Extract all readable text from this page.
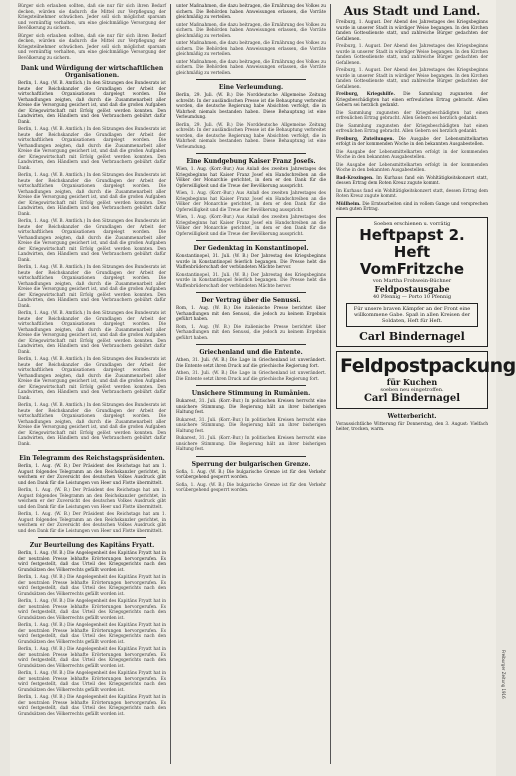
Bürger sich erlauben sollten, daß sie nur für sich ihren Bedarf decken, würden sie dadurch die Mittel zur Verpflegung der Kriegsteilnehmer schwächen. Jeder soll sich möglichst sparsam und vernünftig verhalten, um eine gleichmäßige Versorgung der Bevölkerung zu sichern.

Bürger sich erlauben sollten, daß sie nur für sich ihren Bedarf decken, würden sie dadurch die Mittel zur Verpflegung der Kriegsteilnehmer schwächen. Jeder soll sich möglichst sparsam und vernünftig verhalten, um eine gleichmäßige Versorgung der Bevölkerung zu sichern.

Dank und Würdigung der wirtschaftlichen Organisationen.

Berlin, 1. Aug. (W. B. Amtlich.) In den Sitzungen des Bundesrats ist heute der Reichskanzler die Grundlagen der Arbeit der wirtschaftlichen Organisationen dargelegt worden. Die Verhandlungen zeigten, daß durch die Zusammenarbeit aller Kreise die Versorgung gesichert ist, und daß die großen Aufgaben der Kriegswirtschaft mit Erfolg gelöst werden konnten. Den Landwirten, den Händlern und den Verbrauchern gebührt dafür Dank.

Berlin, 1. Aug. (W. B. Amtlich.) In den Sitzungen des Bundesrats ist heute der Reichskanzler die Grundlagen der Arbeit der wirtschaftlichen Organisationen dargelegt worden. Die Verhandlungen zeigten, daß durch die Zusammenarbeit aller Kreise die Versorgung gesichert ist, und daß die großen Aufgaben der Kriegswirtschaft mit Erfolg gelöst werden konnten. Den Landwirten, den Händlern und den Verbrauchern gebührt dafür Dank.

Berlin, 1. Aug. (W. B. Amtlich.) In den Sitzungen des Bundesrats ist heute der Reichskanzler die Grundlagen der Arbeit der wirtschaftlichen Organisationen dargelegt worden. Die Verhandlungen zeigten, daß durch die Zusammenarbeit aller Kreise die Versorgung gesichert ist, und daß die großen Aufgaben der Kriegswirtschaft mit Erfolg gelöst werden konnten. Den Landwirten, den Händlern und den Verbrauchern gebührt dafür Dank.

Berlin, 1. Aug. (W. B. Amtlich.) In den Sitzungen des Bundesrats ist heute der Reichskanzler die Grundlagen der Arbeit der wirtschaftlichen Organisationen dargelegt worden. Die Verhandlungen zeigten, daß durch die Zusammenarbeit aller Kreise die Versorgung gesichert ist, und daß die großen Aufgaben der Kriegswirtschaft mit Erfolg gelöst werden konnten. Den Landwirten, den Händlern und den Verbrauchern gebührt dafür Dank.

Berlin, 1. Aug. (W. B. Amtlich.) In den Sitzungen des Bundesrats ist heute der Reichskanzler die Grundlagen der Arbeit der wirtschaftlichen Organisationen dargelegt worden. Die Verhandlungen zeigten, daß durch die Zusammenarbeit aller Kreise die Versorgung gesichert ist, und daß die großen Aufgaben der Kriegswirtschaft mit Erfolg gelöst werden konnten. Den Landwirten, den Händlern und den Verbrauchern gebührt dafür Dank.

Berlin, 1. Aug. (W. B. Amtlich.) In den Sitzungen des Bundesrats ist heute der Reichskanzler die Grundlagen der Arbeit der wirtschaftlichen Organisationen dargelegt worden. Die Verhandlungen zeigten, daß durch die Zusammenarbeit aller Kreise die Versorgung gesichert ist, und daß die großen Aufgaben der Kriegswirtschaft mit Erfolg gelöst werden konnten. Den Landwirten, den Händlern und den Verbrauchern gebührt dafür Dank.

Berlin, 1. Aug. (W. B. Amtlich.) In den Sitzungen des Bundesrats ist heute der Reichskanzler die Grundlagen der Arbeit der wirtschaftlichen Organisationen dargelegt worden. Die Verhandlungen zeigten, daß durch die Zusammenarbeit aller Kreise die Versorgung gesichert ist, und daß die großen Aufgaben der Kriegswirtschaft mit Erfolg gelöst werden konnten. Den Landwirten, den Händlern und den Verbrauchern gebührt dafür Dank.

Berlin, 1. Aug. (W. B. Amtlich.) In den Sitzungen des Bundesrats ist heute der Reichskanzler die Grundlagen der Arbeit der wirtschaftlichen Organisationen dargelegt worden. Die Verhandlungen zeigten, daß durch die Zusammenarbeit aller Kreise die Versorgung gesichert ist, und daß die großen Aufgaben der Kriegswirtschaft mit Erfolg gelöst werden konnten. Den Landwirten, den Händlern und den Verbrauchern gebührt dafür Dank.

Ein Telegramm des Reichstagspräsidenten.

Berlin, 1. Aug. (W. B.) Der Präsident des Reichstags hat am 1. August folgendes Telegramm an den Reichskanzler gerichtet, in welchem er der Zuversicht des deutschen Volkes Ausdruck gibt und den Dank für die Leistungen von Heer und Flotte übermittelt.

Berlin, 1. Aug. (W. B.) Der Präsident des Reichstags hat am 1. August folgendes Telegramm an den Reichskanzler gerichtet, in welchem er der Zuversicht des deutschen Volkes Ausdruck gibt und den Dank für die Leistungen von Heer und Flotte übermittelt.

Berlin, 1. Aug. (W. B.) Der Präsident des Reichstags hat am 1. August folgendes Telegramm an den Reichskanzler gerichtet, in welchem er der Zuversicht des deutschen Volkes Ausdruck gibt und den Dank für die Leistungen von Heer und Flotte übermittelt.

Zur Beurteilung des Kapitäns Fryatt.

Berlin, 1. Aug. (W. B.) Die Angelegenheit des Kapitäns Fryatt hat in der neutralen Presse lebhafte Erörterungen hervorgerufen. Es wird festgestellt, daß das Urteil des Kriegsgerichts nach den Grundsätzen des Völkerrechts gefällt worden ist.

Berlin, 1. Aug. (W. B.) Die Angelegenheit des Kapitäns Fryatt hat in der neutralen Presse lebhafte Erörterungen hervorgerufen. Es wird festgestellt, daß das Urteil des Kriegsgerichts nach den Grundsätzen des Völkerrechts gefällt worden ist.

Berlin, 1. Aug. (W. B.) Die Angelegenheit des Kapitäns Fryatt hat in der neutralen Presse lebhafte Erörterungen hervorgerufen. Es wird festgestellt, daß das Urteil des Kriegsgerichts nach den Grundsätzen des Völkerrechts gefällt worden ist.

Berlin, 1. Aug. (W. B.) Die Angelegenheit des Kapitäns Fryatt hat in der neutralen Presse lebhafte Erörterungen hervorgerufen. Es wird festgestellt, daß das Urteil des Kriegsgerichts nach den Grundsätzen des Völkerrechts gefällt worden ist.

Berlin, 1. Aug. (W. B.) Die Angelegenheit des Kapitäns Fryatt hat in der neutralen Presse lebhafte Erörterungen hervorgerufen. Es wird festgestellt, daß das Urteil des Kriegsgerichts nach den Grundsätzen des Völkerrechts gefällt worden ist.

Berlin, 1. Aug. (W. B.) Die Angelegenheit des Kapitäns Fryatt hat in der neutralen Presse lebhafte Erörterungen hervorgerufen. Es wird festgestellt, daß das Urteil des Kriegsgerichts nach den Grundsätzen des Völkerrechts gefällt worden ist.

Berlin, 1. Aug. (W. B.) Die Angelegenheit des Kapitäns Fryatt hat in der neutralen Presse lebhafte Erörterungen hervorgerufen. Es wird festgestellt, daß das Urteil des Kriegsgerichts nach den Grundsätzen des Völkerrechts gefällt worden ist.

unter Maßnahmen, die dazu beitragen, die Ernährung des Volkes zu sichern. Die Behörden haben Anweisungen erlassen, die Vorräte gleichmäßig zu verteilen.

unter Maßnahmen, die dazu beitragen, die Ernährung des Volkes zu sichern. Die Behörden haben Anweisungen erlassen, die Vorräte gleichmäßig zu verteilen.

unter Maßnahmen, die dazu beitragen, die Ernährung des Volkes zu sichern. Die Behörden haben Anweisungen erlassen, die Vorräte gleichmäßig zu verteilen.

unter Maßnahmen, die dazu beitragen, die Ernährung des Volkes zu sichern. Die Behörden haben Anweisungen erlassen, die Vorräte gleichmäßig zu verteilen.

Eine Verleumdung.

Berlin, 29. Juli. (W. B.) Die Norddeutsche Allgemeine Zeitung schreibt: In der ausländischen Presse ist die Behauptung verbreitet worden, die deutsche Regierung habe Absichten verfolgt, die in Wahrheit niemals bestanden haben. Diese Behauptung ist eine Verleumdung.

Berlin, 29. Juli. (W. B.) Die Norddeutsche Allgemeine Zeitung schreibt: In der ausländischen Presse ist die Behauptung verbreitet worden, die deutsche Regierung habe Absichten verfolgt, die in Wahrheit niemals bestanden haben. Diese Behauptung ist eine Verleumdung.

Eine Kundgebung Kaiser Franz Josefs.

Wien, 1. Aug. (Korr.-Bur.) Aus Anlaß des zweiten Jahrestages des Kriegsbeginns hat Kaiser Franz Josef ein Handschreiben an die Völker der Monarchie gerichtet, in dem er den Dank für die Opferwilligkeit und die Treue der Bevölkerung ausspricht.

Wien, 1. Aug. (Korr.-Bur.) Aus Anlaß des zweiten Jahrestages des Kriegsbeginns hat Kaiser Franz Josef ein Handschreiben an die Völker der Monarchie gerichtet, in dem er den Dank für die Opferwilligkeit und die Treue der Bevölkerung ausspricht.

Wien, 1. Aug. (Korr.-Bur.) Aus Anlaß des zweiten Jahrestages des Kriegsbeginns hat Kaiser Franz Josef ein Handschreiben an die Völker der Monarchie gerichtet, in dem er den Dank für die Opferwilligkeit und die Treue der Bevölkerung ausspricht.

Der Gedenktag in Konstantinopel.

Konstantinopel, 31. Juli. (W. B.) Der Jahrestag des Kriegsbeginns wurde in Konstantinopel feierlich begangen. Die Presse hebt die Waffenbrüderschaft der verbündeten Mächte hervor.

Konstantinopel, 31. Juli. (W. B.) Der Jahrestag des Kriegsbeginns wurde in Konstantinopel feierlich begangen. Die Presse hebt die Waffenbrüderschaft der verbündeten Mächte hervor.

Der Vertrag über die Senussi.

Rom, 1. Aug. (W. B.) Die italienische Presse berichtet über Verhandlungen mit den Senussi, die jedoch zu keinem Ergebnis geführt haben.

Rom, 1. Aug. (W. B.) Die italienische Presse berichtet über Verhandlungen mit den Senussi, die jedoch zu keinem Ergebnis geführt haben.

Griechenland und die Entente.

Athen, 31. Juli. (W. B.) Die Lage in Griechenland ist unverändert. Die Entente setzt ihren Druck auf die griechische Regierung fort.

Athen, 31. Juli. (W. B.) Die Lage in Griechenland ist unverändert. Die Entente setzt ihren Druck auf die griechische Regierung fort.

Unsichere Stimmung in Rumänien.

Bukarest, 31. Juli. (Korr.-Bur.) In politischen Kreisen herrscht eine unsichere Stimmung. Die Regierung hält an ihrer bisherigen Haltung fest.

Bukarest, 31. Juli. (Korr.-Bur.) In politischen Kreisen herrscht eine unsichere Stimmung. Die Regierung hält an ihrer bisherigen Haltung fest.

Bukarest, 31. Juli. (Korr.-Bur.) In politischen Kreisen herrscht eine unsichere Stimmung. Die Regierung hält an ihrer bisherigen Haltung fest.

Sperrung der bulgarischen Grenze.

Sofia, 1. Aug. (W. B.) Die bulgarische Grenze ist für den Verkehr vorübergehend gesperrt worden.

Sofia, 1. Aug. (W. B.) Die bulgarische Grenze ist für den Verkehr vorübergehend gesperrt worden.

Aus Stadt und Land.

Freiburg, 1. August. Der Abend des Jahrestages des Kriegsbeginns wurde in unserer Stadt in würdiger Weise begangen. In den Kirchen fanden Gottesdienste statt, und zahlreiche Bürger gedachten der Gefallenen.

Freiburg, 1. August. Der Abend des Jahrestages des Kriegsbeginns wurde in unserer Stadt in würdiger Weise begangen. In den Kirchen fanden Gottesdienste statt, und zahlreiche Bürger gedachten der Gefallenen.

Freiburg, 1. August. Der Abend des Jahrestages des Kriegsbeginns wurde in unserer Stadt in würdiger Weise begangen. In den Kirchen fanden Gottesdienste statt, und zahlreiche Bürger gedachten der Gefallenen.

Freiburg, Kriegshilfe. Die Sammlung zugunsten der Kriegsbeschädigten hat einen erfreulichen Ertrag gebracht. Allen Gebern sei herzlich gedankt.

Die Sammlung zugunsten der Kriegsbeschädigten hat einen erfreulichen Ertrag gebracht. Allen Gebern sei herzlich gedankt.

Die Sammlung zugunsten der Kriegsbeschädigten hat einen erfreulichen Ertrag gebracht. Allen Gebern sei herzlich gedankt.

Freiburg, Zuteilungen. Die Ausgabe der Lebensmittelkarten erfolgt in der kommenden Woche in den bekannten Ausgabestellen.

Die Ausgabe der Lebensmittelkarten erfolgt in der kommenden Woche in den bekannten Ausgabestellen.

Die Ausgabe der Lebensmittelkarten erfolgt in der kommenden Woche in den bekannten Ausgabestellen.

Bad-Krozingen. Im Kurhaus fand ein Wohltätigkeitskonzert statt, dessen Ertrag dem Roten Kreuz zugute kommt.

Im Kurhaus fand ein Wohltätigkeitskonzert statt, dessen Ertrag dem Roten Kreuz zugute kommt.

Müllheim. Die Erntearbeiten sind in vollem Gange und versprechen einen guten Ertrag.

Soeben erschienen u. vorrätig
Heftpapst 2. Heft
VomFritzche
von Martha Frohwein-Büchner
Feldpostausgabe
40 Pfennig — Porto 10 Pfennig
Für unsere braven Kämpfer an der Front eine willkommene Gabe. Spaß in allen Kreisen der Soldaten, Heft für Heft.
Carl Bindernagel
Feldpostpackung
für Kuchen
soeben neu eingetroffen.
Carl Bindernagel
Wetterbericht.

Voraussichtliche Witterung für Donnerstag, den 3. August: Vielfach heiter, trocken, warm.

Freiburger Zeitung 1916
